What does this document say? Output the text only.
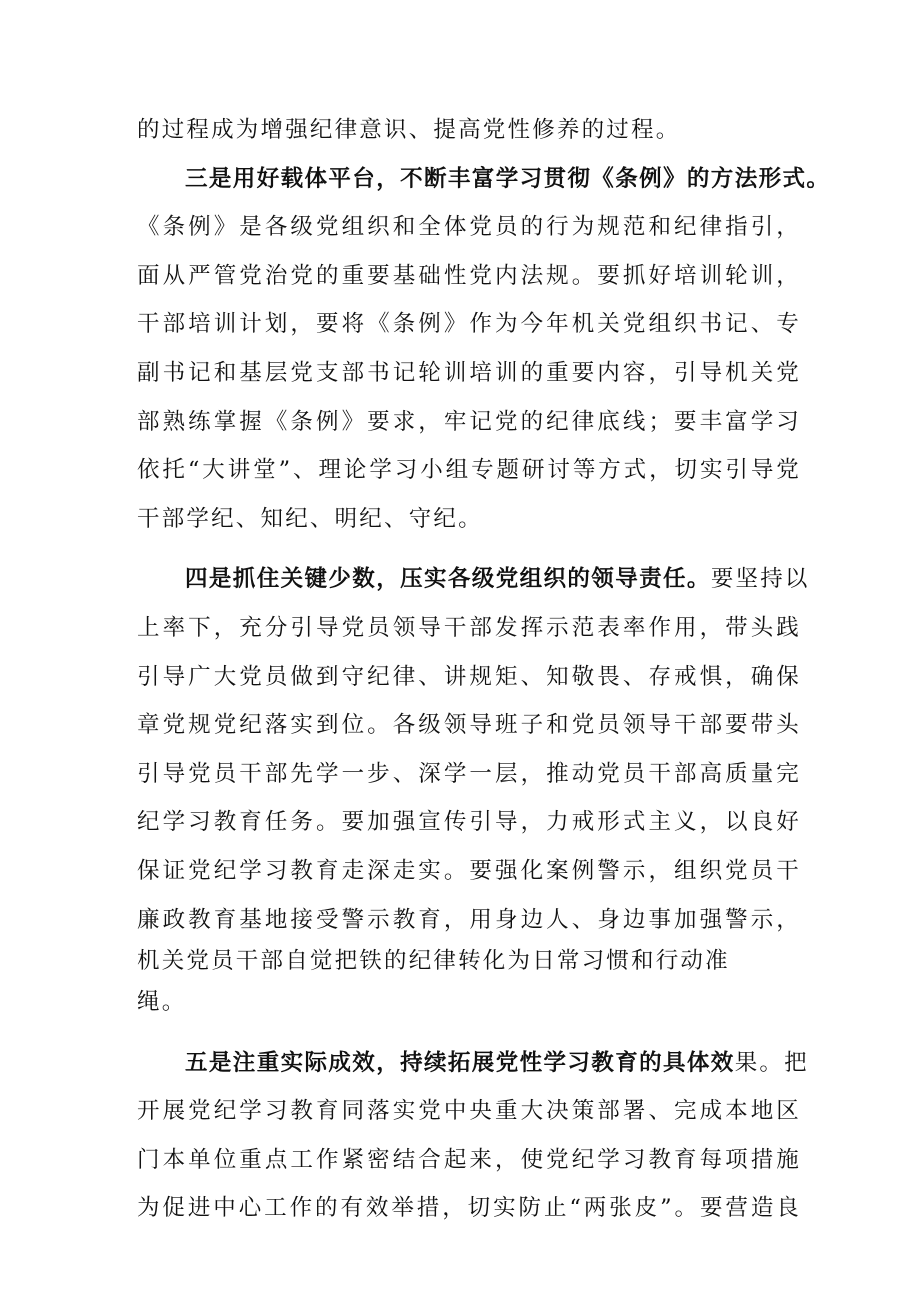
的过程成为增强纪律意识、提高党性修养的过程。
三是用好载体平台，不断丰富学习贯彻《条例》的方法形式。
《条例》是各级党组织和全体党员的行为规范和纪律指引，
面从严管党治党的重要基础性党内法规。要抓好培训轮训，
干部培训计划，要将《条例》作为今年机关党组织书记、专
副书记和基层党支部书记轮训培训的重要内容，引导机关党
部熟练掌握《条例》要求，牢记党的纪律底线；要丰富学习
依托“大讲堂”、理论学习小组专题研讨等方式，切实引导党
干部学纪、知纪、明纪、守纪。
四是抓住关键少数，压实各级党组织的领导责任。要坚持以
上率下，充分引导党员领导干部发挥示范表率作用，带头践
引导广大党员做到守纪律、讲规矩、知敬畏、存戒惧，确保
章党规党纪落实到位。各级领导班子和党员领导干部要带头
引导党员干部先学一步、深学一层，推动党员干部高质量完
纪学习教育任务。要加强宣传引导，力戒形式主义，以良好
保证党纪学习教育走深走实。要强化案例警示，组织党员干
廉政教育基地接受警示教育，用身边人、身边事加强警示，
机关党员干部自觉把铁的纪律转化为日常习惯和行动准
绳。
五是注重实际成效，持续拓展党性学习教育的具体效果。把
开展党纪学习教育同落实党中央重大决策部署、完成本地区
门本单位重点工作紧密结合起来，使党纪学习教育每项措施
为促进中心工作的有效举措，切实防止“两张皮”。要营造良
